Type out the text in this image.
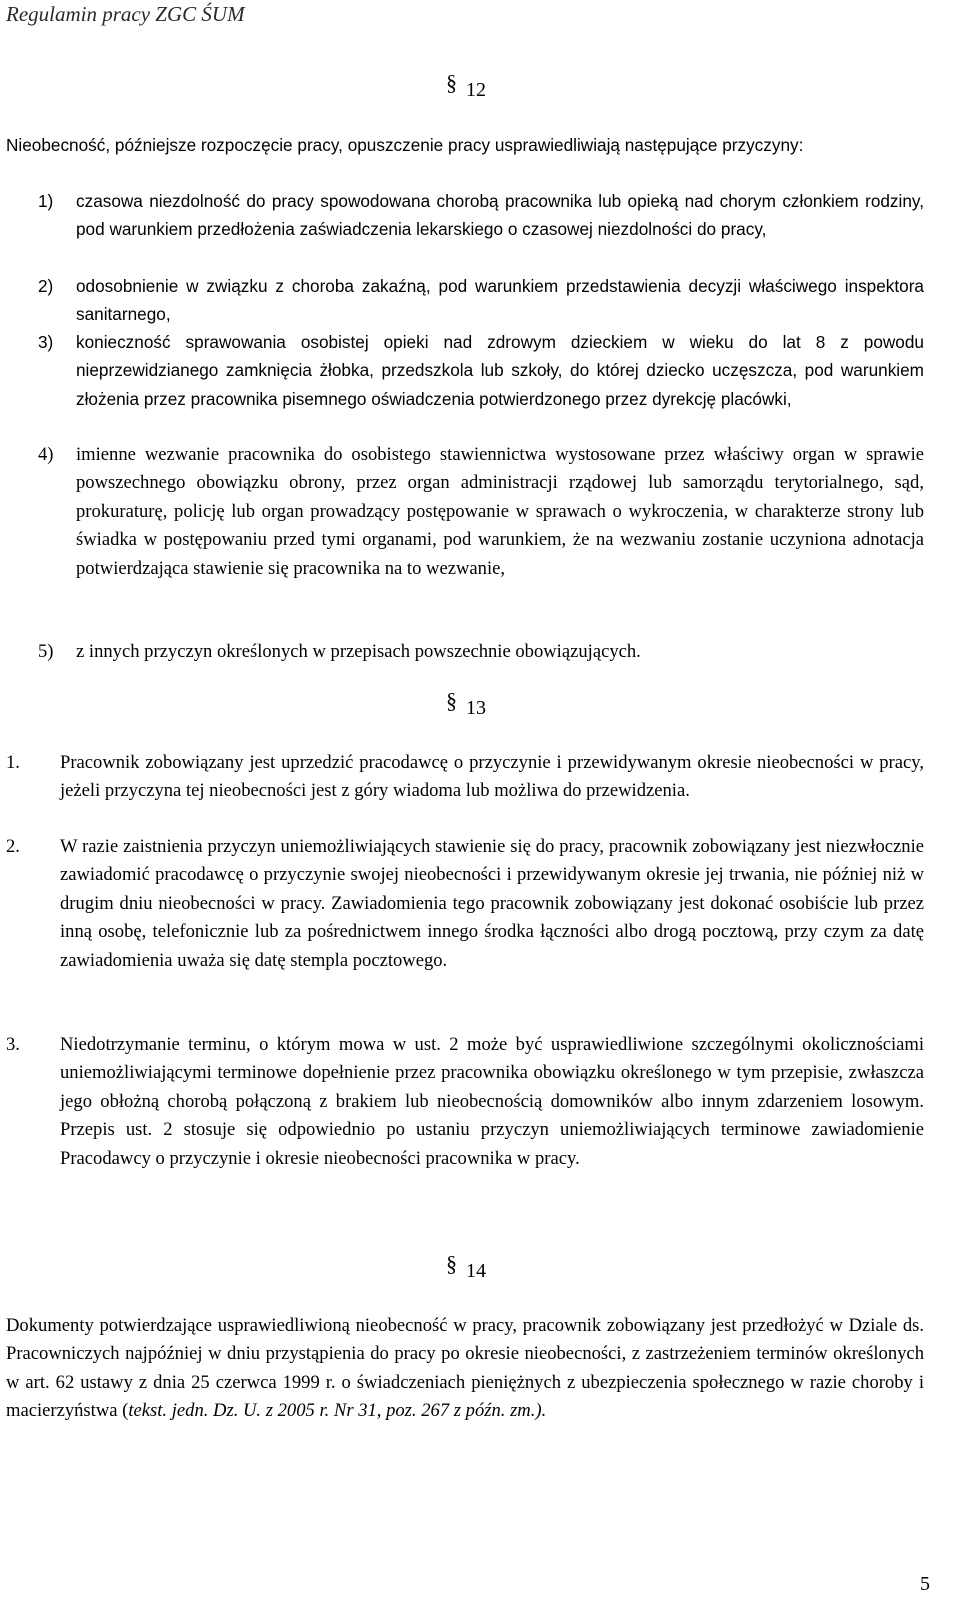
Regulamin pracy ZGC ŚUM
§ 12
Nieobecność, późniejsze rozpoczęcie pracy, opuszczenie pracy usprawiedliwiają następujące przyczyny:
1) czasowa niezdolność do pracy spowodowana chorobą pracownika lub opieką nad chorym członkiem rodziny, pod warunkiem przedłożenia zaświadczenia lekarskiego o czasowej niezdolności do pracy,
2) odosobnienie w związku z choroba zakaźną, pod warunkiem przedstawienia decyzji właściwego inspektora sanitarnego,
3) konieczność sprawowania osobistej opieki nad zdrowym dzieckiem w wieku do lat 8 z powodu nieprzewidzianego zamknięcia żłobka, przedszkola lub szkoły, do której dziecko uczęszcza, pod warunkiem złożenia przez pracownika pisemnego oświadczenia potwierdzonego przez dyrekcję placówki,
4) imienne wezwanie pracownika do osobistego stawiennictwa wystosowane przez właściwy organ w sprawie powszechnego obowiązku obrony, przez organ administracji rządowej lub samorządu terytorialnego, sąd, prokuraturę, policję lub organ prowadzący postępowanie w sprawach o wykroczenia, w charakterze strony lub świadka w postępowaniu przed tymi organami, pod warunkiem, że na wezwaniu zostanie uczyniona adnotacja potwierdzająca stawienie się pracownika na to wezwanie,
5) z innych przyczyn określonych w przepisach powszechnie obowiązujących.
§ 13
1. Pracownik zobowiązany jest uprzedzić pracodawcę o przyczynie i przewidywanym okresie nieobecności w pracy, jeżeli przyczyna tej nieobecności jest z góry wiadoma lub możliwa do przewidzenia.
2. W razie zaistnienia przyczyn uniemożliwiających stawienie się do pracy, pracownik zobowiązany jest niezwłocznie zawiadomić pracodawcę o przyczynie swojej nieobecności i przewidywanym okresie jej trwania, nie później niż w drugim dniu nieobecności w pracy. Zawiadomienia tego pracownik zobowiązany jest dokonać osobiście lub przez inną osobę, telefonicznie lub za pośrednictwem innego środka łączności albo drogą pocztową, przy czym za datę zawiadomienia uważa się datę stempla pocztowego.
3. Niedotrzymanie terminu, o którym mowa w ust. 2 może być usprawiedliwione szczególnymi okolicznościami uniemożliwiającymi terminowe dopełnienie przez pracownika obowiązku określonego w tym przepisie, zwłaszcza jego obłożną chorobą połączoną z brakiem lub nieobecnością domowników albo innym zdarzeniem losowym. Przepis ust. 2 stosuje się odpowiednio po ustaniu przyczyn uniemożliwiających terminowe zawiadomienie Pracodawcy o przyczynie i okresie nieobecności pracownika w pracy.
§ 14
Dokumenty potwierdzające usprawiedliwioną nieobecność w pracy, pracownik zobowiązany jest przedłożyć w Dziale ds. Pracowniczych najpóźniej w dniu przystąpienia do pracy po okresie nieobecności, z zastrzeżeniem terminów określonych w art. 62 ustawy z dnia 25 czerwca 1999 r. o świadczeniach pieniężnych z ubezpieczenia społecznego w razie choroby i macierzyństwa (tekst. jedn. Dz. U. z 2005 r. Nr 31, poz. 267 z późn. zm.).
5
